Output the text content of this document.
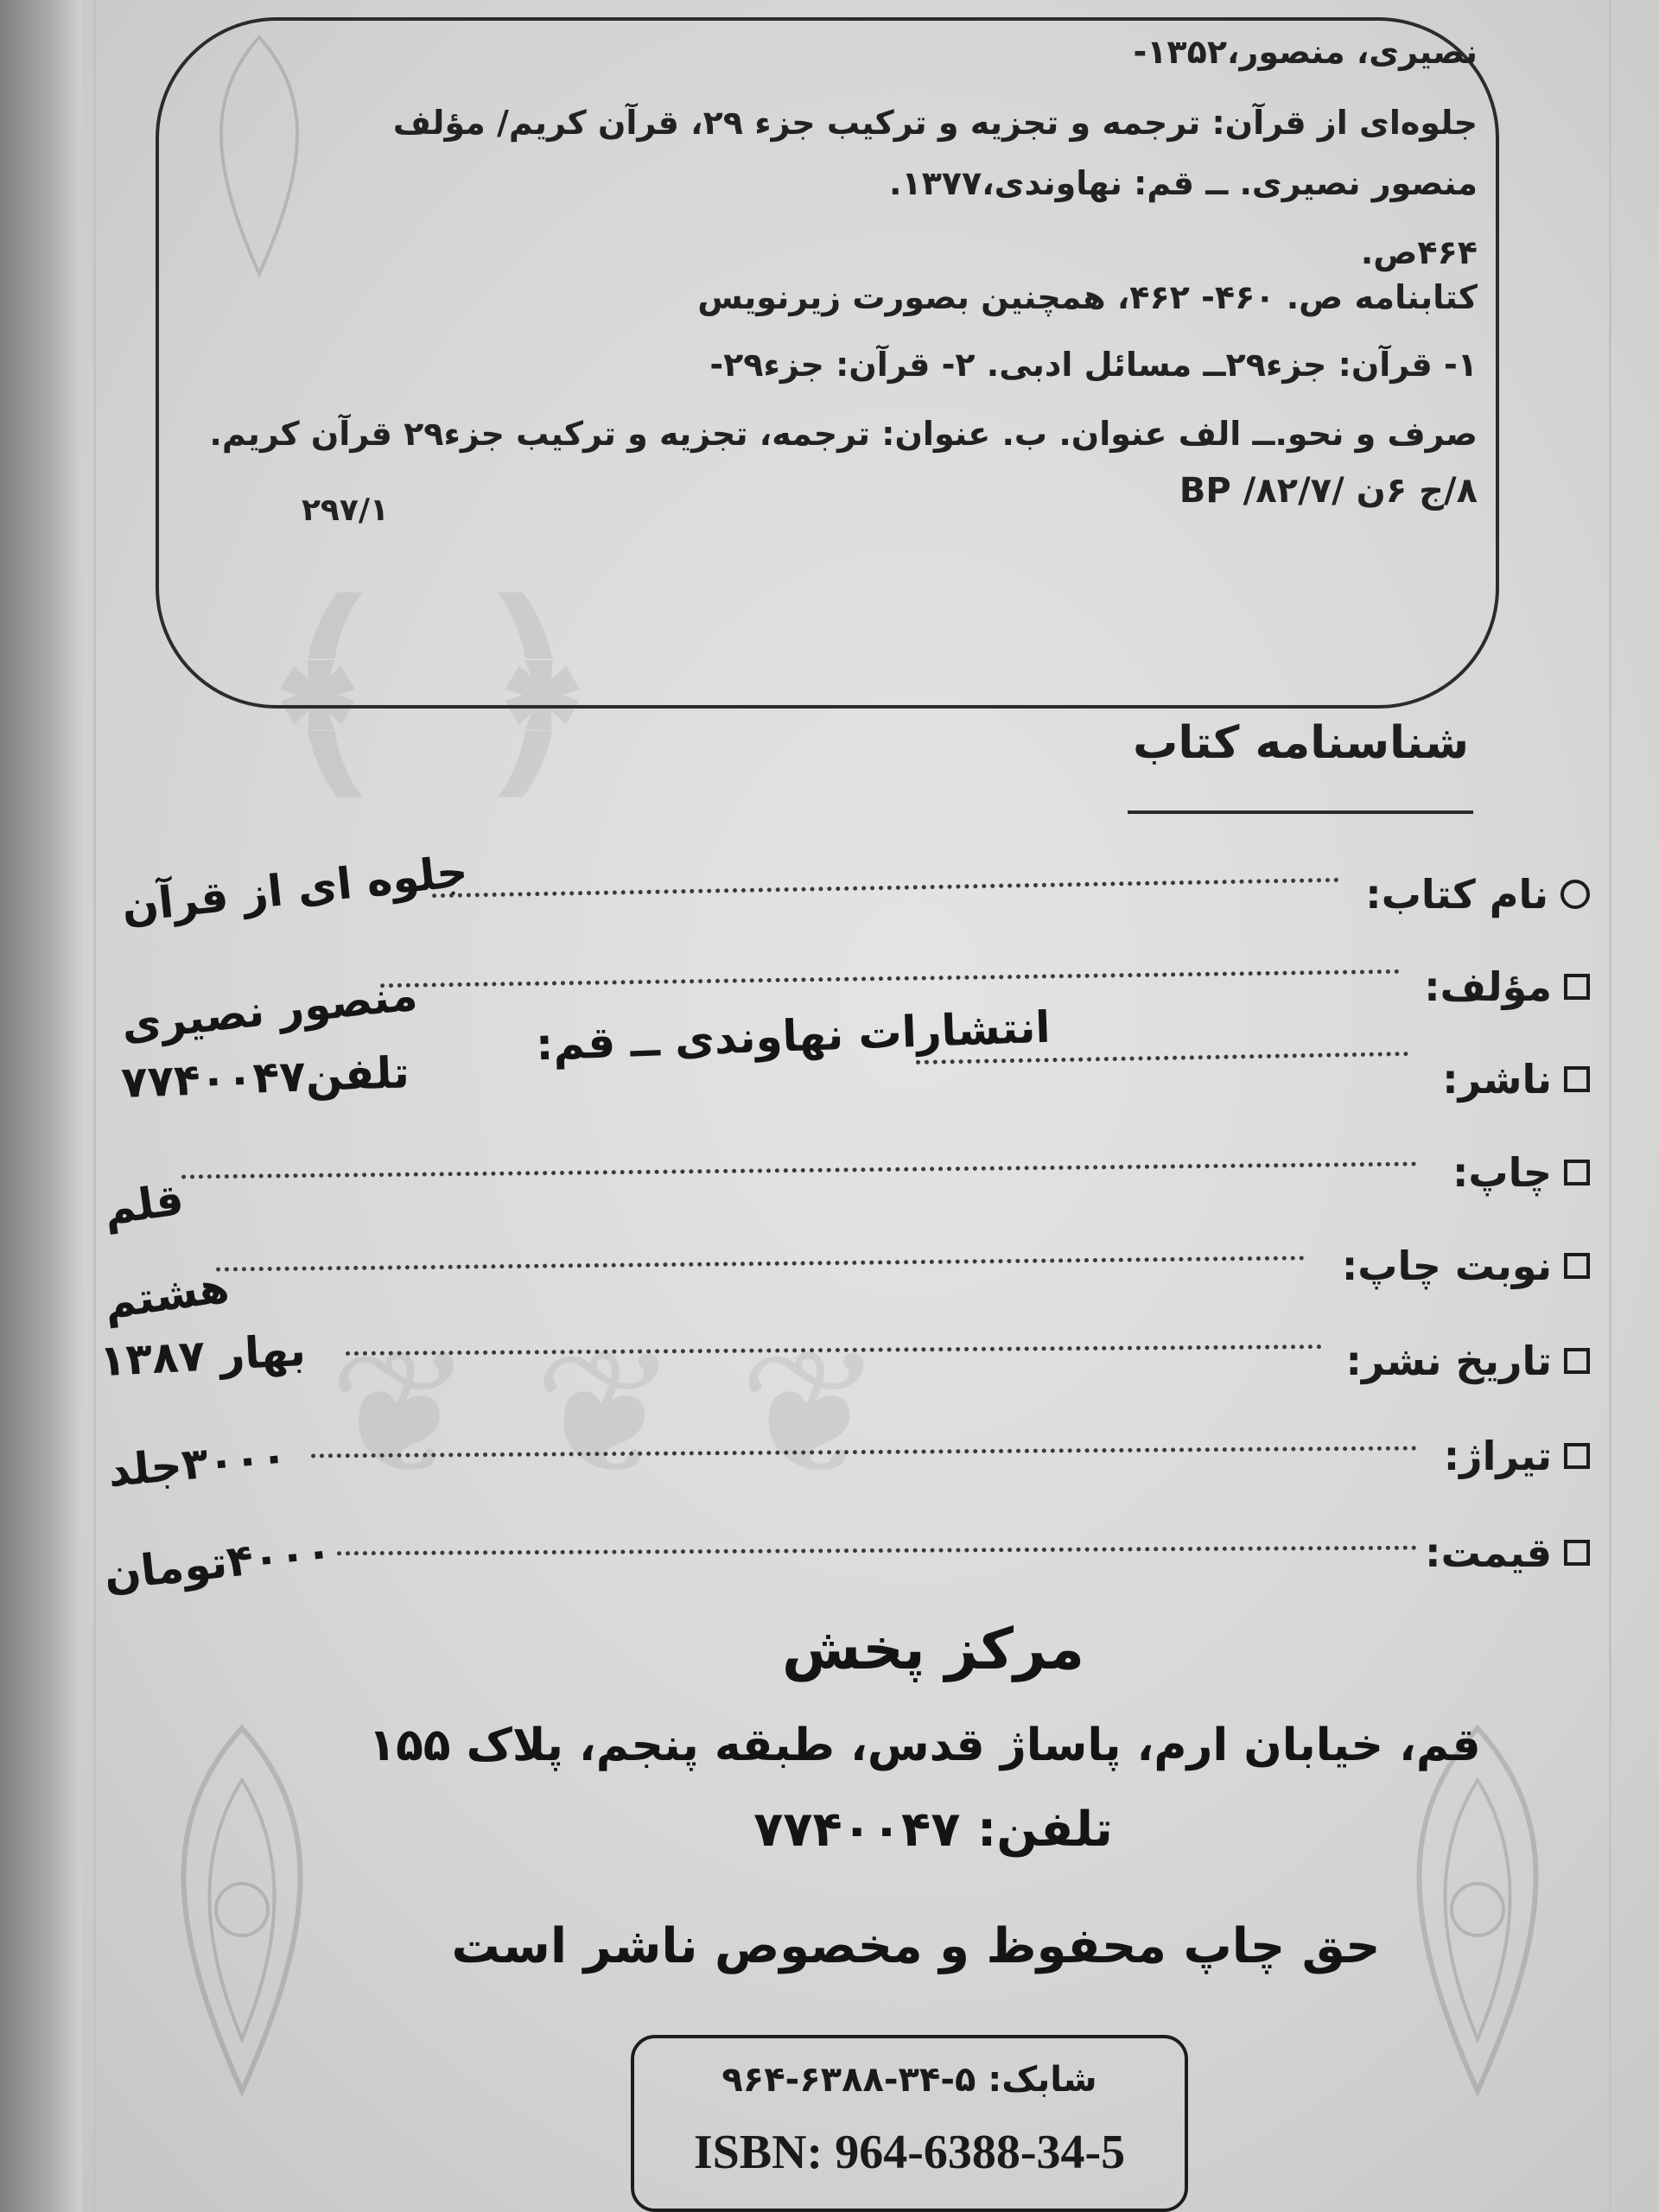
﴿ ﴾
❦ ❦ ❦
نصیری، منصور،۱۳۵۲-
جلوه‌ای از قرآن: ترجمه و تجزیه و ترکیب جزء ۲۹، قرآن کریم/ مؤلف
منصور نصیری. ــ قم: نهاوندی،۱۳۷۷.
۴۶۴ص.
کتابنامه ص. ۴۶۰- ۴۶۲، همچنین بصورت زیرنویس
۱- قرآن: جزء۲۹ــ مسائل ادبی. ۲- قرآن: جزء۲۹-
صرف و نحو.ــ الف عنوان. ب. عنوان: ترجمه، تجزیه و ترکیب جزء۲۹ قرآن کریم.
۸/ج ۶ن /۸۲/۷/ BP
۲۹۷/۱
شناسنامه کتاب
نام کتاب:
جلوه ای از قرآن
مؤلف:
منصور نصیری
ناشر:
انتشارات نهاوندی ــ قم:
تلفن۷۷۴۰۰۴۷
چاپ:
قلم
نوبت چاپ:
هشتم
تاریخ نشر:
بهار ۱۳۸۷
تیراژ:
۳۰۰۰جلد
قیمت:
۴۰۰۰تومان
مرکز پخش
قم، خیابان ارم، پاساژ قدس، طبقه پنجم، پلاک ۱۵۵
تلفن: ۷۷۴۰۰۴۷
حق چاپ محفوظ و مخصوص ناشر است
شابک: ۵-۳۴-۶۳۸۸-۹۶۴
ISBN: 964-6388-34-5
